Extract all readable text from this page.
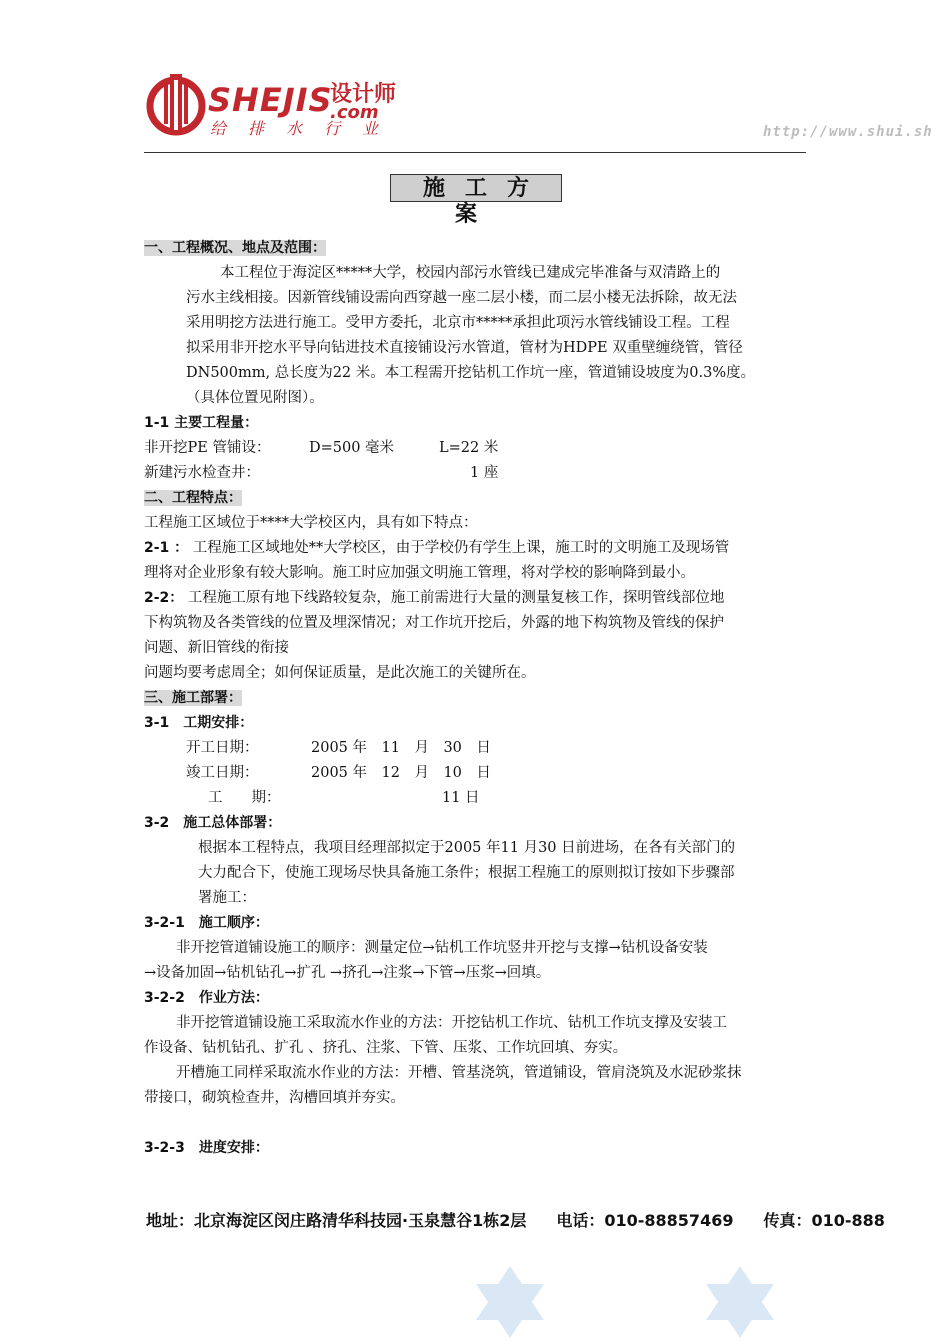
SHEJIS
设计师
.com
给排水行业	http://www.shui.sh
施工方案
一、工程概况、地点及范围：
本工程位于海淀区*****大学，校园内部污水管线已建成完毕准备与双清路上的
污水主线相接。因新管线铺设需向西穿越一座二层小楼，而二层小楼无法拆除，故无法
采用明挖方法进行施工。受甲方委托，北京市*****承担此项污水管线铺设工程。工程
拟采用非开挖水平导向钻进技术直接铺设污水管道，管材为HDPE 双重壁缠绕管，管径
DN500mm, 总长度为22 米。本工程需开挖钻机工作坑一座，管道铺设坡度为0.3%度。
（具体位置见附图）。
1-1 主要工程量：
非开挖PE 管铺设：	D=500 毫米	L=22 米
新建污水检查井：	1 座
二、工程特点：
工程施工区域位于****大学校区内，具有如下特点：
2-1 ： 工程施工区域地处**大学校区，由于学校仍有学生上课，施工时的文明施工及现场管
理将对企业形象有较大影响。施工时应加强文明施工管理，将对学校的影响降到最小。
2-2： 工程施工原有地下线路较复杂，施工前需进行大量的测量复核工作，探明管线部位地
下构筑物及各类管线的位置及埋深情况；对工作坑开挖后，外露的地下构筑物及管线的保护
问题、新旧管线的衔接
问题均要考虑周全；如何保证质量，是此次施工的关键所在。
三、施工部署：
3-1　工期安排：
开工日期：	2005 年　11　月　30　日
竣工日期：	2005 年　12　月　10　日
工　　期：	11 日
3-2　施工总体部署：
根据本工程特点，我项目经理部拟定于2005 年11 月30 日前进场，在各有关部门的
大力配合下，使施工现场尽快具备施工条件；根据工程施工的原则拟订按如下步骤部
署施工：
3-2-1　施工顺序：
非开挖管道铺设施工的顺序：测量定位→钻机工作坑竖井开挖与支撑→钻机设备安装
→设备加固→钻机钻孔→扩孔 →挤孔→注浆→下管→压浆→回填。
3-2-2　作业方法：
非开挖管道铺设施工采取流水作业的方法：开挖钻机工作坑、钻机工作坑支撑及安装工
作设备、钻机钻孔、扩孔 、挤孔、注浆、下管、压浆、工作坑回填、夯实。
开槽施工同样采取流水作业的方法：开槽、管基浇筑，管道铺设，管肩浇筑及水泥砂浆抹
带接口，砌筑检查井，沟槽回填并夯实。
3-2-3　进度安排：
地址：北京海淀区闵庄路清华科技园·玉泉慧谷1栋2层 电话：010-88857469 传真：010-888
